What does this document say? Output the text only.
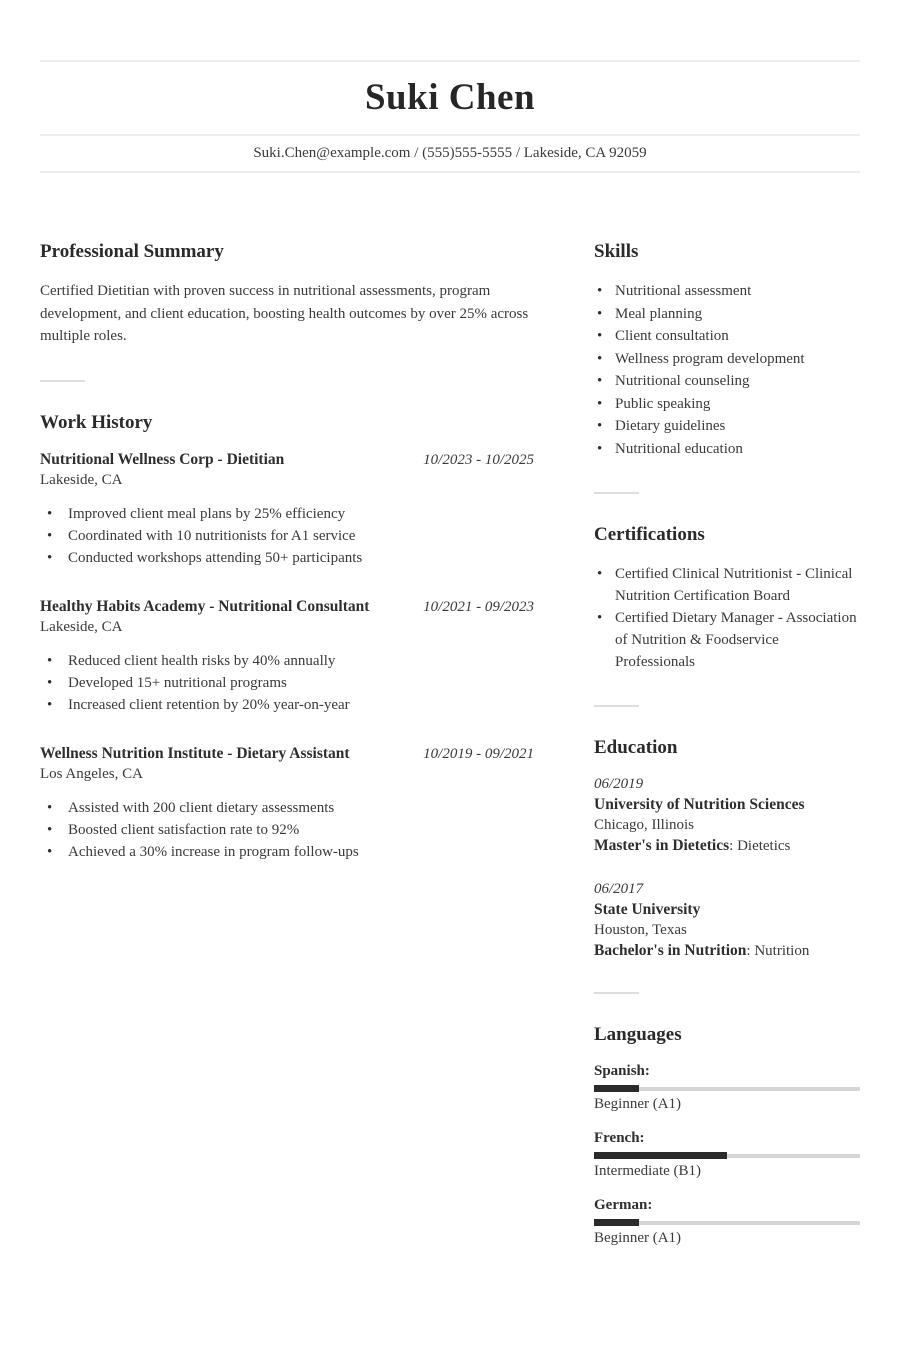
Suki Chen
Suki.Chen@example.com / (555)555-5555 / Lakeside, CA 92059
Professional Summary

Certified Dietitian with proven success in nutritional assessments, program development, and client education, boosting health outcomes by over 25% across multiple roles.

Work History
Nutritional Wellness Corp - Dietitian	10/2023 - 10/2025
Lakeside, CA
• Improved client meal plans by 25% efficiency
• Coordinated with 10 nutritionists for A1 service
• Conducted workshops attending 50+ participants
Healthy Habits Academy - Nutritional Consultant	10/2021 - 09/2023
Lakeside, CA
• Reduced client health risks by 40% annually
• Developed 15+ nutritional programs
• Increased client retention by 20% year-on-year
Wellness Nutrition Institute - Dietary Assistant	10/2019 - 09/2021
Los Angeles, CA
• Assisted with 200 client dietary assessments
• Boosted client satisfaction rate to 92%
• Achieved a 30% increase in program follow-ups
Skills
• Nutritional assessment
• Meal planning
• Client consultation
• Wellness program development
• Nutritional counseling
• Public speaking
• Dietary guidelines
• Nutritional education
Certifications
• Certified Clinical Nutritionist - Clinical Nutrition Certification Board
• Certified Dietary Manager - Association of Nutrition & Foodservice Professionals
Education
06/2019
University of Nutrition Sciences
Chicago, Illinois
Master's in Dietetics: Dietetics
06/2017
State University
Houston, Texas
Bachelor's in Nutrition: Nutrition
Languages
Spanish:
Beginner (A1)
French:
Intermediate (B1)
German:
Beginner (A1)
